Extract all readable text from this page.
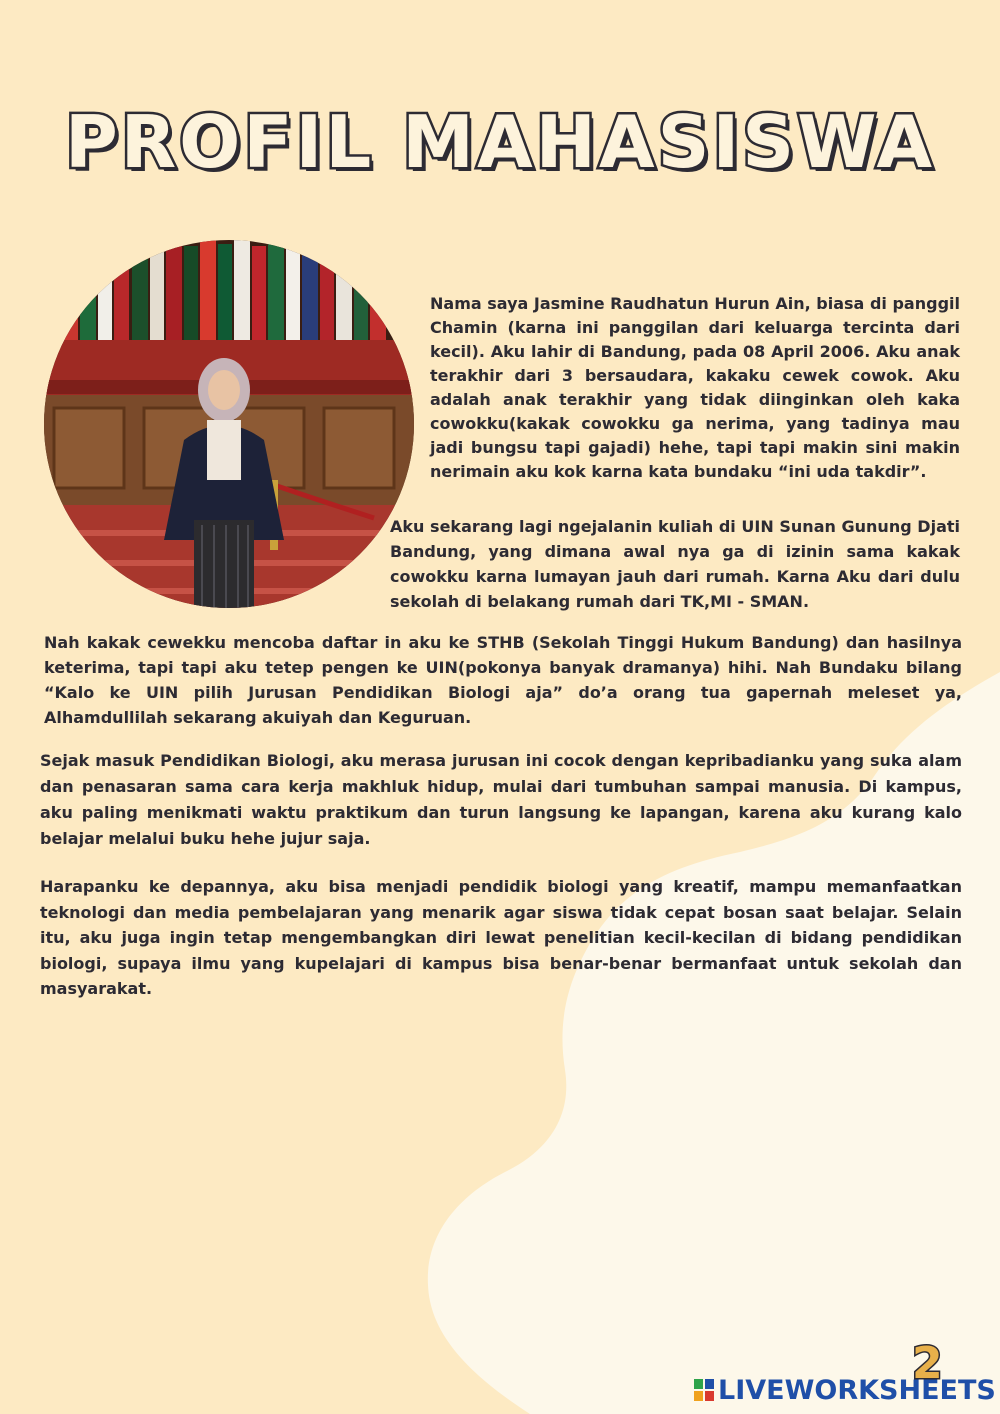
PROFIL MAHASISWA

Nama saya Jasmine Raudhatun Hurun Ain, biasa di panggil Chamin (karna ini panggilan dari keluarga tercinta dari kecil). Aku lahir di Bandung, pada 08 April 2006. Aku anak terakhir dari 3 bersaudara, kakaku cewek cowok. Aku adalah anak terakhir yang tidak diinginkan oleh kaka cowokku(kakak cowokku ga nerima, yang tadinya mau jadi bungsu tapi gajadi) hehe, tapi tapi makin sini makin nerimain aku kok karna kata bundaku “ini uda takdir”.

Aku sekarang lagi ngejalanin kuliah di UIN Sunan Gunung Djati Bandung, yang dimana awal nya ga di izinin sama kakak cowokku karna lumayan jauh dari rumah. Karna Aku dari dulu sekolah di belakang rumah dari TK,MI - SMAN.

Nah kakak cewekku mencoba daftar in aku ke STHB (Sekolah Tinggi Hukum Bandung) dan hasilnya keterima, tapi tapi aku tetep pengen ke UIN(pokonya banyak dramanya) hihi. Nah Bundaku bilang “Kalo ke UIN pilih Jurusan Pendidikan Biologi aja” do’a orang tua gapernah meleset ya, Alhamdullilah sekarang akuiyah dan Keguruan.

Sejak masuk Pendidikan Biologi, aku merasa jurusan ini cocok dengan kepribadianku yang suka alam dan penasaran sama cara kerja makhluk hidup, mulai dari tumbuhan sampai manusia. Di kampus, aku paling menikmati waktu praktikum dan turun langsung ke lapangan, karena aku kurang kalo belajar melalui buku hehe jujur saja.

Harapanku ke depannya, aku bisa menjadi pendidik biologi yang kreatif, mampu memanfaatkan teknologi dan media pembelajaran yang menarik agar siswa tidak cepat bosan saat belajar. Selain itu, aku juga ingin tetap mengembangkan diri lewat penelitian kecil-kecilan di bidang pendidikan biologi, supaya ilmu yang kupelajari di kampus bisa benar-benar bermanfaat untuk sekolah dan masyarakat.

2
LIVEWORKSHEETS
